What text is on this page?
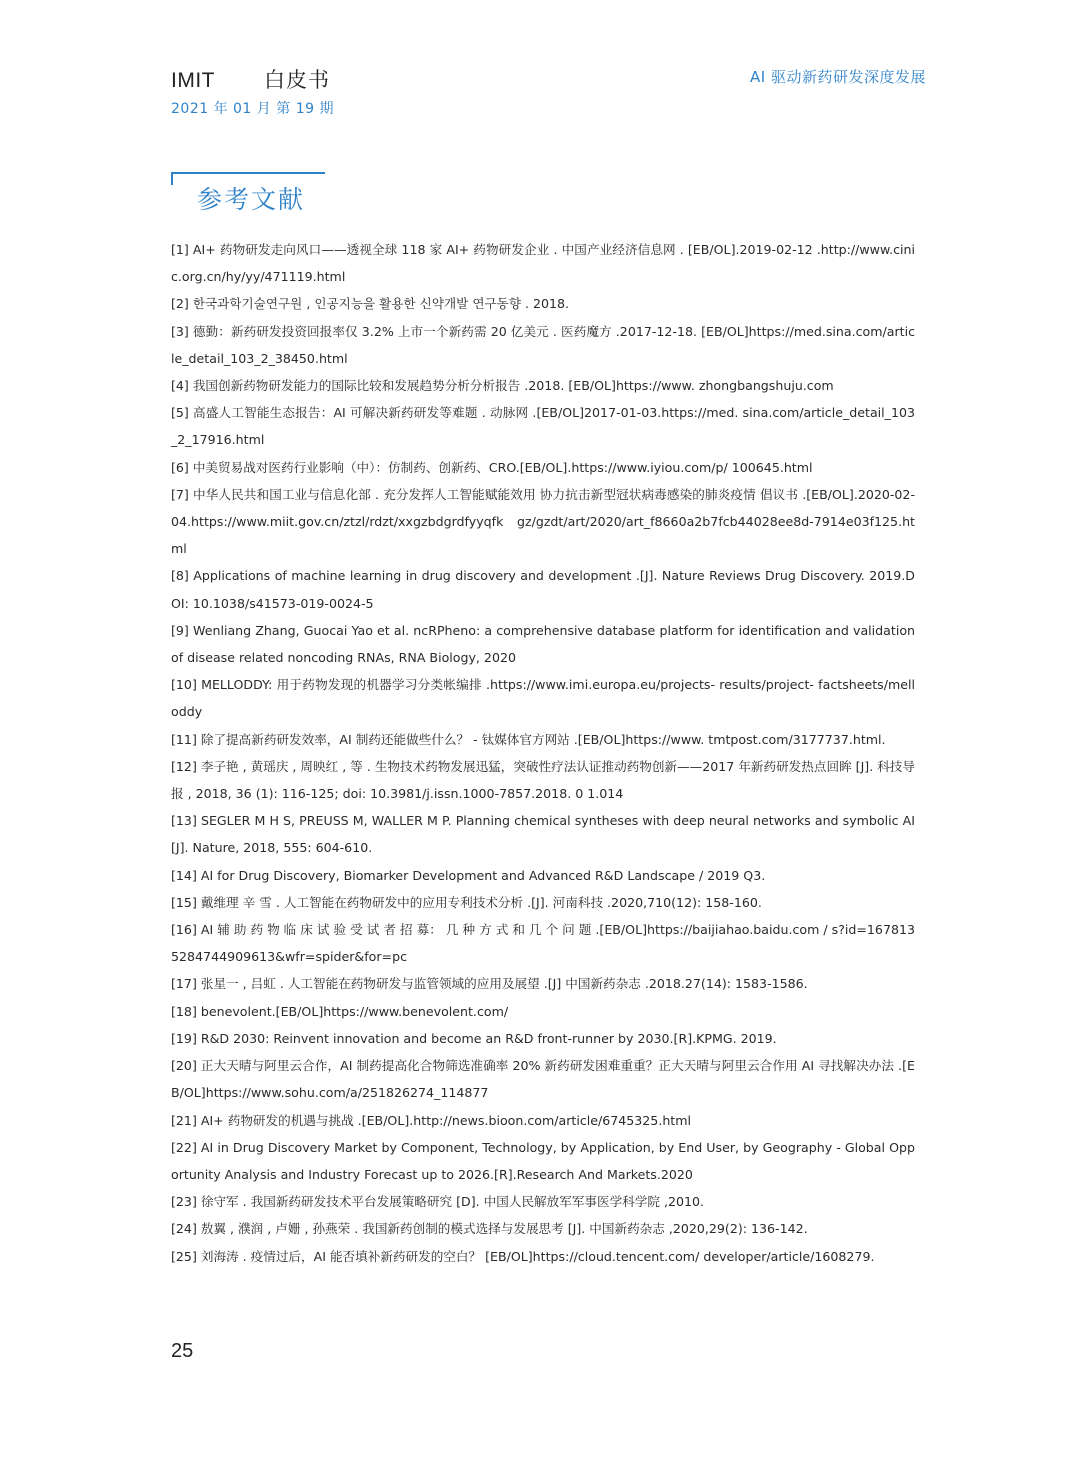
IMIT	白皮书
2021 年 01 月 第 19 期
AI 驱动新药研发深度发展
参考文献
[1] AI+ 药物研发走向风口——透视全球 118 家 AI+ 药物研发企业 . 中国产业经济信息网 . [EB/OL].2019-02-12 .http://www.cinic.org.cn/hy/yy/471119.html
[2] 한국과학기술연구원 , 인공지능을 활용한 신약개발 연구동향 . 2018.
[3] 德勤：新药研发投资回报率仅 3.2% 上市一个新药需 20 亿美元 . 医药魔方 .2017-12-18. [EB/OL]https://med.sina.com/article_detail_103_2_38450.html
[4] 我国创新药物研发能力的国际比较和发展趋势分析分析报告 .2018. [EB/OL]https://www. zhongbangshuju.com
[5] 高盛人工智能生态报告：AI 可解决新药研发等难题 . 动脉网 .[EB/OL]2017-01-03.https://med. sina.com/article_detail_103_2_17916.html
[6] 中美贸易战对医药行业影响（中）：仿制药、创新药、CRO.[EB/OL].https://www.iyiou.com/p/ 100645.html
[7] 中华人民共和国工业与信息化部 . 充分发挥人工智能赋能效用 协力抗击新型冠状病毒感染的肺炎疫情 倡议书 .[EB/OL].2020-02-04.https://www.miit.gov.cn/ztzl/rdzt/xxgzbdgrdfyyqfk gz/gzdt/art/2020/art_f8660a2b7fcb44028ee8d-7914e03f125.html
[8] Applications of machine learning in drug discovery and development .[J]. Nature Reviews Drug Discovery. 2019.DOI: 10.1038/s41573-019-0024-5
[9] Wenliang Zhang, Guocai Yao et al. ncRPheno: a comprehensive database platform for identification and validation of disease related noncoding RNAs, RNA Biology, 2020
[10] MELLODDY: 用于药物发现的机器学习分类帐编排 .https://www.imi.europa.eu/projects- results/project- factsheets/melloddy
[11] 除了提高新药研发效率，AI 制药还能做些什么？ - 钛媒体官方网站 .[EB/OL]https://www. tmtpost.com/3177737.html.
[12] 李子艳 , 黄瑶庆 , 周映红 , 等 . 生物技术药物发展迅猛，突破性疗法认证推动药物创新——2017 年新药研发热点回眸 [J]. 科技导报 , 2018, 36 (1): 116-125; doi: 10.3981/j.issn.1000-7857.2018. 0 1.014
[13] SEGLER M H S, PREUSS M, WALLER M P. Planning chemical syntheses with deep neural networks and symbolic AI[J]. Nature, 2018, 555: 604-610.
[14] AI for Drug Discovery, Biomarker Development and Advanced R&D Landscape / 2019 Q3.
[15] 戴维理 辛 雪 . 人工智能在药物研发中的应用专利技术分析 .[J]. 河南科技 .2020,710(12): 158-160.
[16] AI 辅 助 药 物 临 床 试 验 受 试 者 招 募： 几 种 方 式 和 几 个 问 题 .[EB/OL]https://baijiahao.baidu.com / s?id=1678135284744909613&wfr=spider&for=pc
[17] 张星一 , 吕虹 . 人工智能在药物研发与监管领域的应用及展望 .[J] 中国新药杂志 .2018.27(14): 1583-1586.
[18] benevolent.[EB/OL]https://www.benevolent.com/
[19] R&D 2030: Reinvent innovation and become an R&D front-runner by 2030.[R].KPMG. 2019.
[20] 正大天晴与阿里云合作，AI 制药提高化合物筛选准确率 20% 新药研发困难重重？正大天晴与阿里云合作用 AI 寻找解决办法 .[EB/OL]https://www.sohu.com/a/251826274_114877
[21] AI+ 药物研发的机遇与挑战 .[EB/OL].http://news.bioon.com/article/6745325.html
[22] AI in Drug Discovery Market by Component, Technology, by Application, by End User, by Geography - Global Opportunity Analysis and Industry Forecast up to 2026.[R].Research And Markets.2020
[23] 徐守军 . 我国新药研发技术平台发展策略研究 [D]. 中国人民解放军军事医学科学院 ,2010.
[24] 敖翼 , 濮润 , 卢姗 , 孙燕荣 . 我国新药创制的模式选择与发展思考 [J]. 中国新药杂志 ,2020,29(2): 136-142.
[25] 刘海涛 . 疫情过后，AI 能否填补新药研发的空白？ [EB/OL]https://cloud.tencent.com/ developer/article/1608279.
25
